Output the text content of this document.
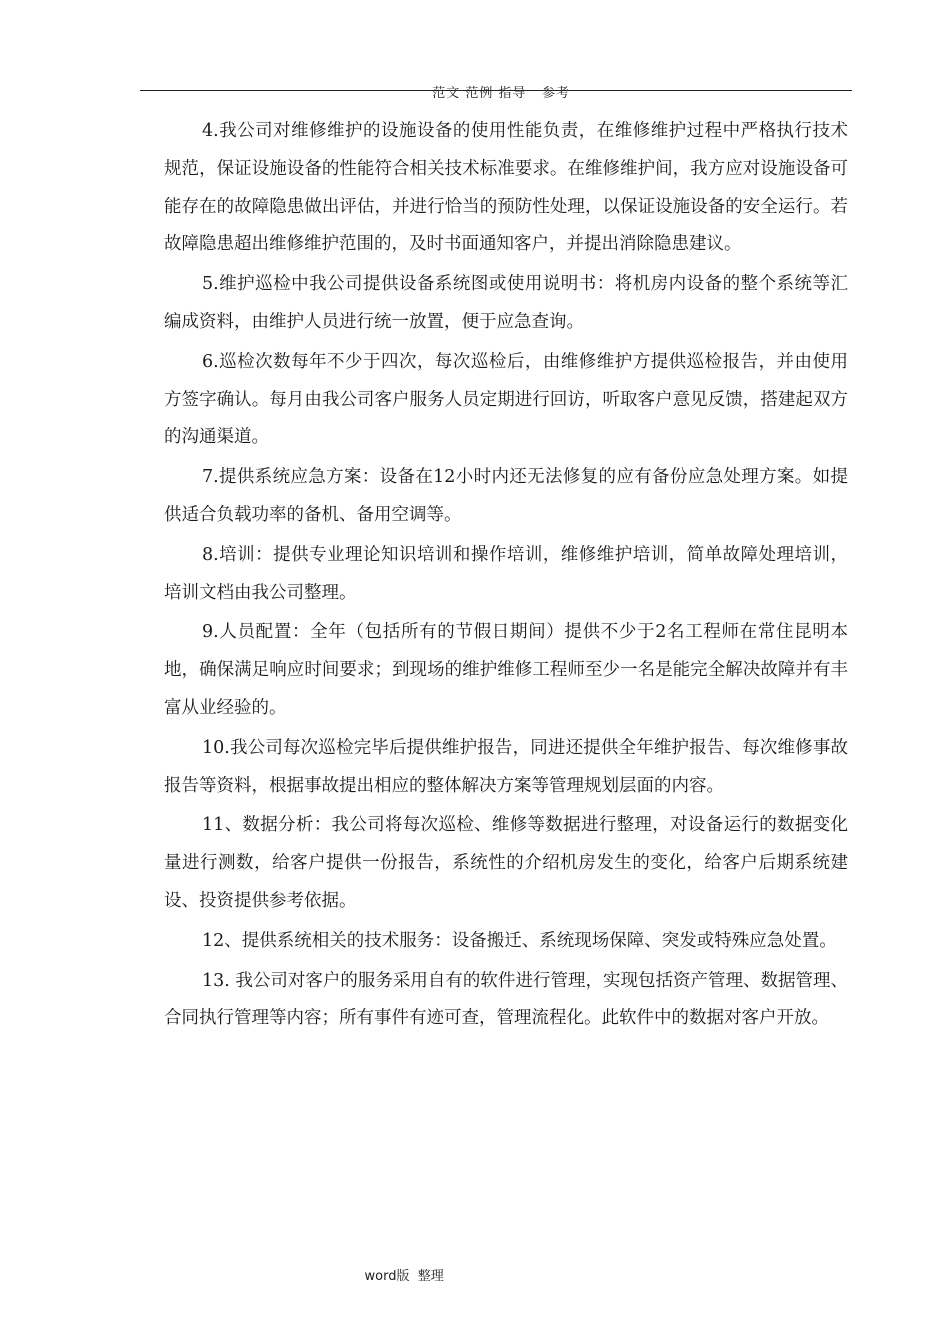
范文 范例 指导   参考

4.我公司对维修维护的设施设备的使用性能负责，在维修维护过程中严格执行技术规范，保证设施设备的性能符合相关技术标准要求。在维修维护间，我方应对设施设备可能存在的故障隐患做出评估，并进行恰当的预防性处理，以保证设施设备的安全运行。若故障隐患超出维修维护范围的，及时书面通知客户，并提出消除隐患建议。

5.维护巡检中我公司提供设备系统图或使用说明书：将机房内设备的整个系统等汇编成资料，由维护人员进行统一放置，便于应急查询。

6.巡检次数每年不少于四次，每次巡检后，由维修维护方提供巡检报告，并由使用方签字确认。每月由我公司客户服务人员定期进行回访，听取客户意见反馈，搭建起双方的沟通渠道。

7.提供系统应急方案：设备在12小时内还无法修复的应有备份应急处理方案。如提供适合负载功率的备机、备用空调等。

8.培训：提供专业理论知识培训和操作培训，维修维护培训，简单故障处理培训，培训文档由我公司整理。

9.人员配置：全年（包括所有的节假日期间）提供不少于2名工程师在常住昆明本地，确保满足响应时间要求；到现场的维护维修工程师至少一名是能完全解决故障并有丰富从业经验的。

10.我公司每次巡检完毕后提供维护报告，同进还提供全年维护报告、每次维修事故报告等资料，根据事故提出相应的整体解决方案等管理规划层面的内容。

11、数据分析：我公司将每次巡检、维修等数据进行整理，对设备运行的数据变化量进行测数，给客户提供一份报告，系统性的介绍机房发生的变化，给客户后期系统建设、投资提供参考依据。

12、提供系统相关的技术服务：设备搬迁、系统现场保障、突发或特殊应急处置。

13. 我公司对客户的服务采用自有的软件进行管理，实现包括资产管理、数据管理、合同执行管理等内容；所有事件有迹可查，管理流程化。此软件中的数据对客户开放。

word版  整理
